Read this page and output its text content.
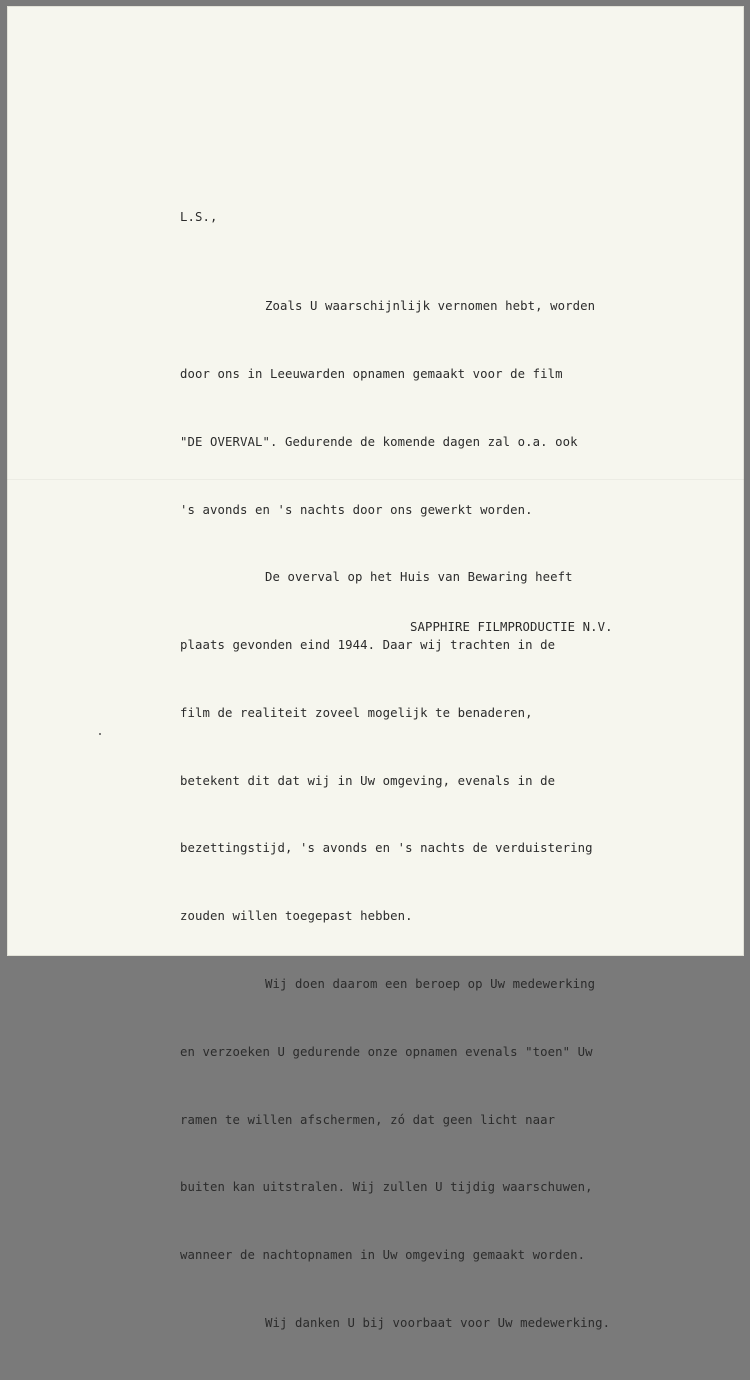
L.S.,

Zoals U waarschijnlijk vernomen hebt, worden

door ons in Leeuwarden opnamen gemaakt voor de film

"DE OVERVAL". Gedurende de komende dagen zal o.a. ook

's avonds en 's nachts door ons gewerkt worden.

De overval op het Huis van Bewaring heeft

plaats gevonden eind 1944. Daar wij trachten in de

film de realiteit zoveel mogelijk te benaderen,

betekent dit dat wij in Uw omgeving, evenals in de

bezettingstijd, 's avonds en 's nachts de verduistering

zouden willen toegepast hebben.

Wij doen daarom een beroep op Uw medewerking

en verzoeken U gedurende onze opnamen evenals "toen" Uw

ramen te willen afschermen, zó dat geen licht naar

buiten kan uitstralen. Wij zullen U tijdig waarschuwen,

wanneer de nachtopnamen in Uw omgeving gemaakt worden.

Wij danken U bij voorbaat voor Uw medewerking.

SAPPHIRE FILMPRODUCTIE N.V.
